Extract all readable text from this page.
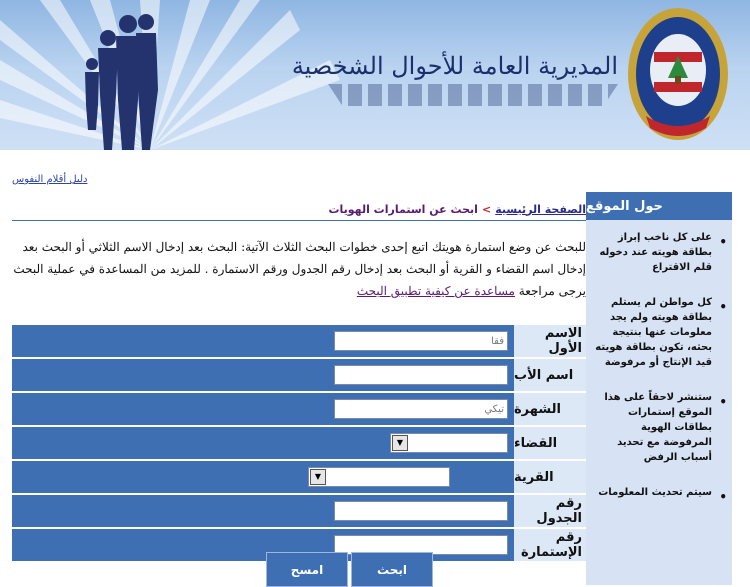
المديرية العامة للأحوال الشخصية
حول الموقع
• على كل ناخب إبراز بطاقة هويته عند دخوله قلم الاقتراع
• كل مواطن لم يستلم بطاقة هويته ولم يجد معلومات عنها بنتيجة بحثه، تكون بطاقة هويته قيد الإنتاج أو مرفوضة
• ستنشر لاحقاً على هذا الموقع إستمارات بطاقات الهوية المرفوضة مع تحديد أسباب الرفض
• سيتم تحديث المعلومات
دليل أقلام النفوس
الصفحة الرئيسية
>
ابحث عن استمارات الهويات
للبحث عن وضع استمارة هويتك اتبع إحدى خطوات البحث الثلاث الآتية: البحث بعد إدخال الاسم الثلاثي أو البحث بعد إدخال اسم القضاء و القرية أو البحث بعد إدخال رقم الجدول ورقم الاستمارة . للمزيد من المساعدة في عملية البحث يرجى مراجعة مساعدة عن كيفية تطبيق البحث
الاسم الأول
فقا
اسم الأب
الشهرة
تيكي
القضاء
▼
القرية
▼
رقم الجدول
رقم الإستمارة
امسح	ابحث
